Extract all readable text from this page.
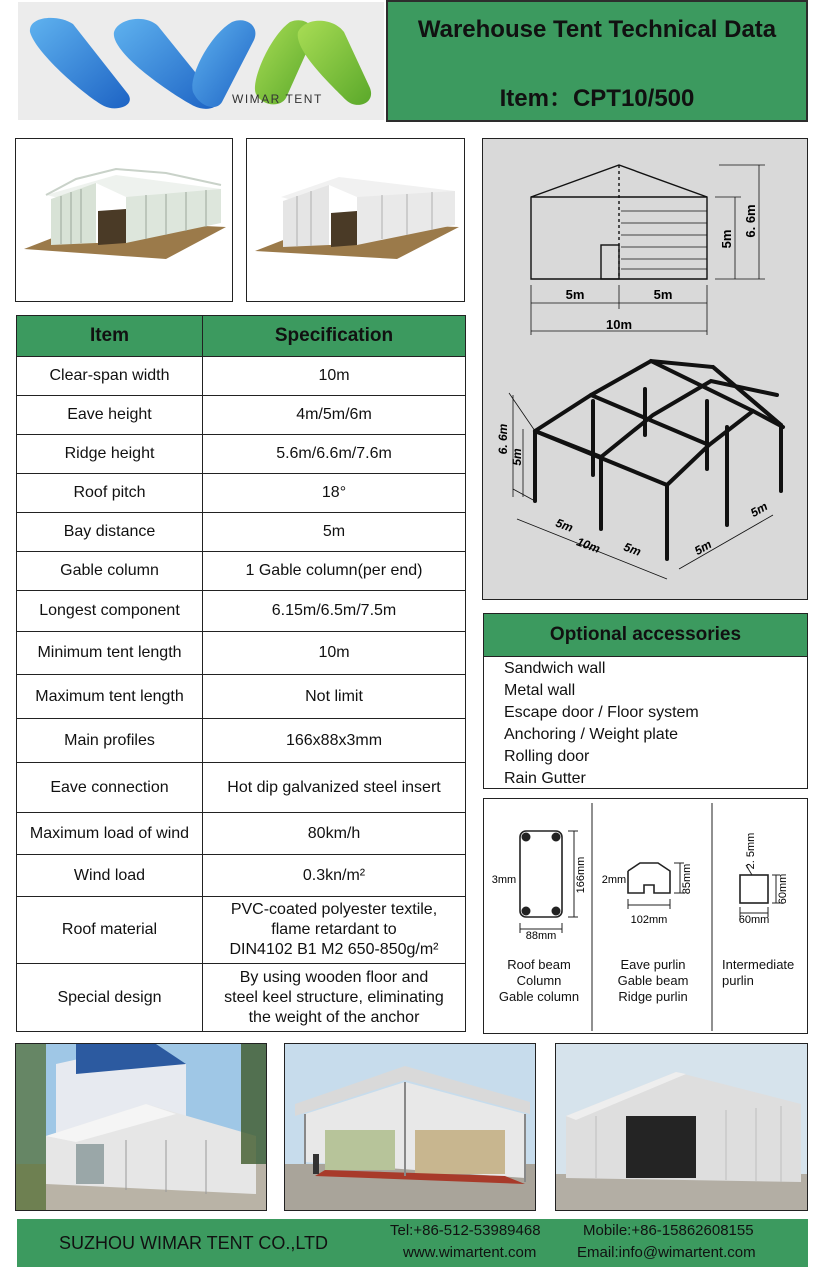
WIMAR TENT
Warehouse Tent Technical Data
Item：CPT10/500
5m
6. 6m
5m	5m
10m
6. 6m
5m
5m
10m 5m	5m
5m
Item	Specification
Clear-span width	10m
Eave height	4m/5m/6m
Ridge height	5.6m/6.6m/7.6m
Roof pitch	18°
Bay distance	5m
Gable column	1 Gable column(per end)
Longest component	6.15m/6.5m/7.5m
Minimum tent length	10m
Maximum tent length	Not limit
Main profiles	166x88x3mm
Eave connection	Hot dip galvanized steel insert
Maximum load of wind	80km/h
Wind load	0.3kn/m²
Roof material	PVC-coated polyester textile,
flame retardant to
DIN4102 B1 M2 650-850g/m²
Special design	By using wooden floor and
steel keel structure, eliminating
the weight of the anchor
Optional accessories
Sandwich wall
Metal wall
Escape door / Floor system
Anchoring / Weight plate
Rolling door
Rain Gutter
88mm
166mm
3mm
102mm
85mm
2mm
60mm
60mm
2. 5mm
Roof beam
Column
Gable column
Eave purlin
Gable beam
Ridge purlin
Intermediate
purlin
SUZHOU WIMAR TENT CO.,LTD
Tel:+86-512-53989468	Mobile:+86-15862608155
www.wimartent.com	Email:info@wimartent.com
